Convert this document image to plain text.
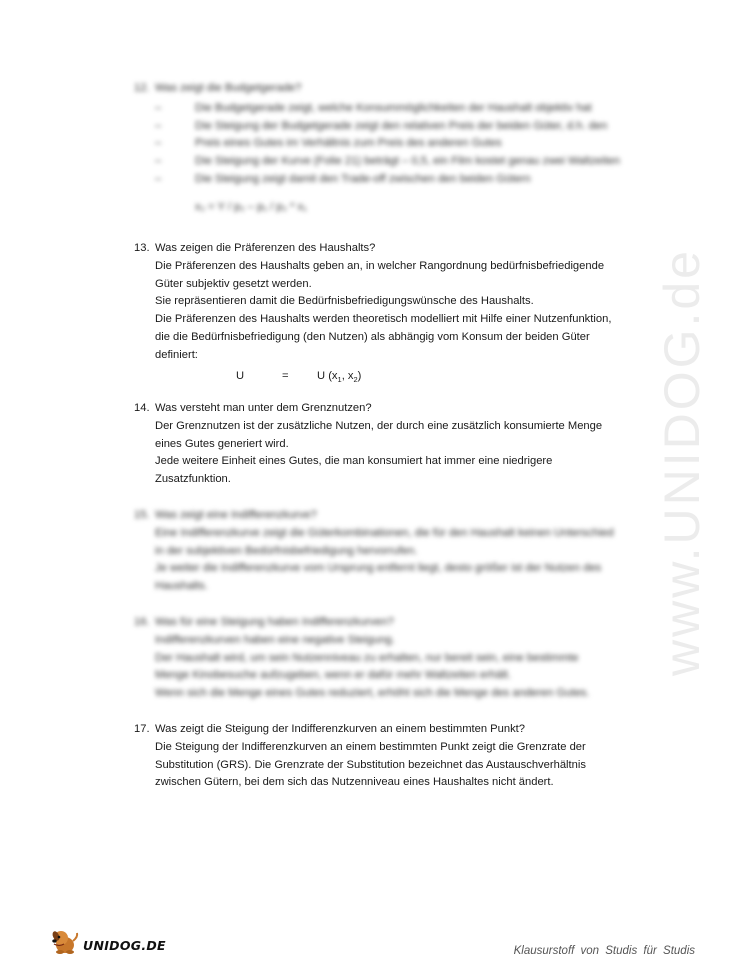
www.UNIDOG.de
12. Was zeigt die Budgetgerade?
– Die Budgetgerade zeigt, welche Konsummöglichkeiten der Haushalt objektiv hat
– Die Steigung der Budgetgerade zeigt den relativen Preis der beiden Güter, d.h. den
– Preis eines Gutes im Verhältnis zum Preis des anderen Gutes
– Die Steigung der Kurve (Folie 21) beträgt – 0,5, ein Film kostet genau zwei Waltzeiten
– Die Steigung zeigt damit den Trade-off zwischen den beiden Gütern

x₂ = Y / p₂ – p₁ / p₂ * x₁

13. Was zeigen die Präferenzen des Haushalts?

Die Präferenzen des Haushalts geben an, in welcher Rangordnung bedürfnisbefriedigende

Güter subjektiv gesetzt werden.

Sie repräsentieren damit die Bedürfnisbefriedigungswünsche des Haushalts.

Die Präferenzen des Haushalts werden theoretisch modelliert mit Hilfe einer Nutzenfunktion,

die die Bedürfnisbefriedigung (den Nutzen) als abhängig vom Konsum der beiden Güter

definiert:

U	=	U ($x_1$, $x_2$)
14. Was versteht man unter dem Grenznutzen?

Der Grenznutzen ist der zusätzliche Nutzen, der durch eine zusätzlich konsumierte Menge

eines Gutes generiert wird.

Jede weitere Einheit eines Gutes, die man konsumiert hat immer eine niedrigere

Zusatzfunktion.

15. Was zeigt eine Indifferenzkurve?

Eine Indifferenzkurve zeigt die Güterkombinationen, die für den Haushalt keinen Unterschied

in der subjektiven Bedürfnisbefriedigung hervorrufen.

Je weiter die Indifferenzkurve vom Ursprung entfernt liegt, desto größer ist der Nutzen des

Haushalts.

16. Was für eine Steigung haben Indifferenzkurven?

Indifferenzkurven haben eine negative Steigung.

Der Haushalt wird, um sein Nutzenniveau zu erhalten, nur bereit sein, eine bestimmte

Menge Kinobesuche aufzugeben, wenn er dafür mehr Waltzeiten erhält.

Wenn sich die Menge eines Gutes reduziert, erhöht sich die Menge des anderen Gutes.

17. Was zeigt die Steigung der Indifferenzkurven an einem bestimmten Punkt?

Die Steigung der Indifferenzkurven an einem bestimmten Punkt zeigt die Grenzrate der

Substitution (GRS). Die Grenzrate der Substitution bezeichnet das Austauschverhältnis

zwischen Gütern, bei dem sich das Nutzenniveau eines Haushaltes nicht ändert.

UNIDOG.DE	Klausurstoff von Studis für Studis
